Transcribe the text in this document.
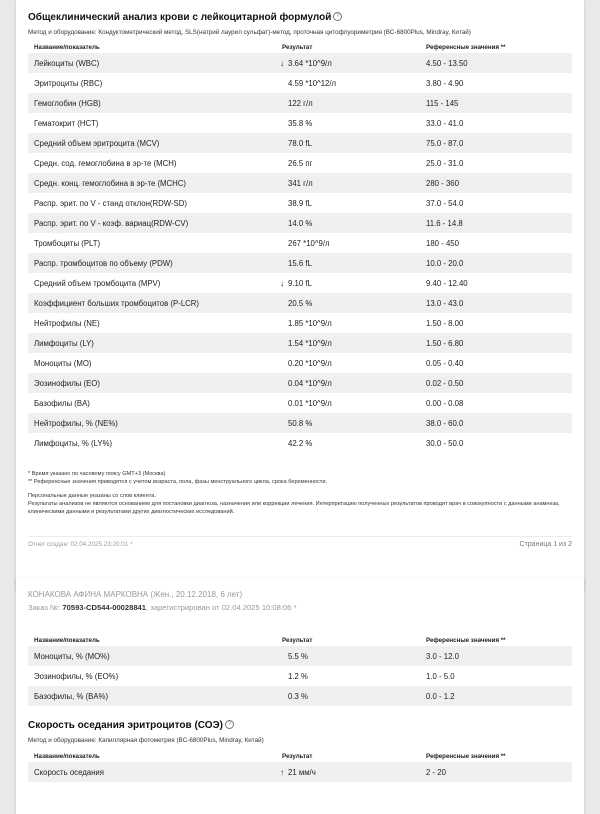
Общеклинический анализ крови с лейкоцитарной формулой ?
Метод и оборудование: Кондуктометрический метод, SLS(натрий лаурил сульфат)-метод, проточная цитофлуориметрия (BC-6800Plus, Mindray, Китай)
Название/показатель	Результат	Референсные значения **
Лейкоциты (WBC)	↓ 3.64 *10^9/л	4.50 - 13.50
Эритроциты (RBC)	4.59 *10^12/л	3.80 - 4.90
Гемоглобин (HGB)	122 г/л	115 - 145
Гематокрит (HCT)	35.8 %	33.0 - 41.0
Средний объем эритроцита (MCV)	78.0 fL	75.0 - 87.0
Средн. сод. гемоглобина в эр-те (MCH)	26.5 пг	25.0 - 31.0
Средн. конц. гемоглобина в эр-те (MCHC)	341 г/л	280 - 360
Распр. эрит. по V - станд отклон(RDW-SD)	38.9 fL	37.0 - 54.0
Распр. эрит. по V - коэф. вариац(RDW-CV)	14.0 %	11.6 - 14.8
Тромбоциты (PLT)	267 *10^9/л	180 - 450
Распр. тромбоцитов по объему (PDW)	15.6 fL	10.0 - 20.0
Средний объем тромбоцита (MPV)	↓ 9.10 fL	9.40 - 12.40
Коэффициент больших тромбоцитов (P-LCR)	20.5 %	13.0 - 43.0
Нейтрофилы (NE)	1.85 *10^9/л	1.50 - 8.00
Лимфоциты (LY)	1.54 *10^9/л	1.50 - 6.80
Моноциты (MO)	0.20 *10^9/л	0.05 - 0.40
Эозинофилы (EO)	0.04 *10^9/л	0.02 - 0.50
Базофилы (BA)	0.01 *10^9/л	0.00 - 0.08
Нейтрофилы, % (NE%)	50.8 %	38.0 - 60.0
Лимфоциты, % (LY%)	42.2 %	30.0 - 50.0
* Время указано по часовому поясу GMT+3 (Москва)
** Референсные значения приводятся с учетом возраста, пола, фазы менструального цикла, срока беременности.
Персональные данные указаны со слов клиента.
Результаты анализов не являются основанием для постановки диагноза, назначения или коррекции лечения. Интерпретацию полученных результатов проводит врач в совокупности с данными анамнеза, клиническими данными и результатами других диагностических исследований.
Отчет создан: 02.04.2025 23:20:01 *	Страница 1 из 2
КОНАКОВА АФИНА МАРКОВНА (Жен., 20.12.2018, 6 лет)
Заказ №: 70593-CD544-00028841, зарегистрирован от 02.04.2025 10:08:06 *
Название/показатель	Результат	Референсные значения **
Моноциты, % (MO%)	5.5 %	3.0 - 12.0
Эозинофилы, % (EO%)	1.2 %	1.0 - 5.0
Базофилы, % (BA%)	0.3 %	0.0 - 1.2
Скорость оседания эритроцитов (СОЭ) ?
Метод и оборудование: Капиллярная фотометрия (BC-6800Plus, Mindray, Китай)
Название/показатель	Результат	Референсные значения **
Скорость оседания	↑ 21 мм/ч	2 - 20
